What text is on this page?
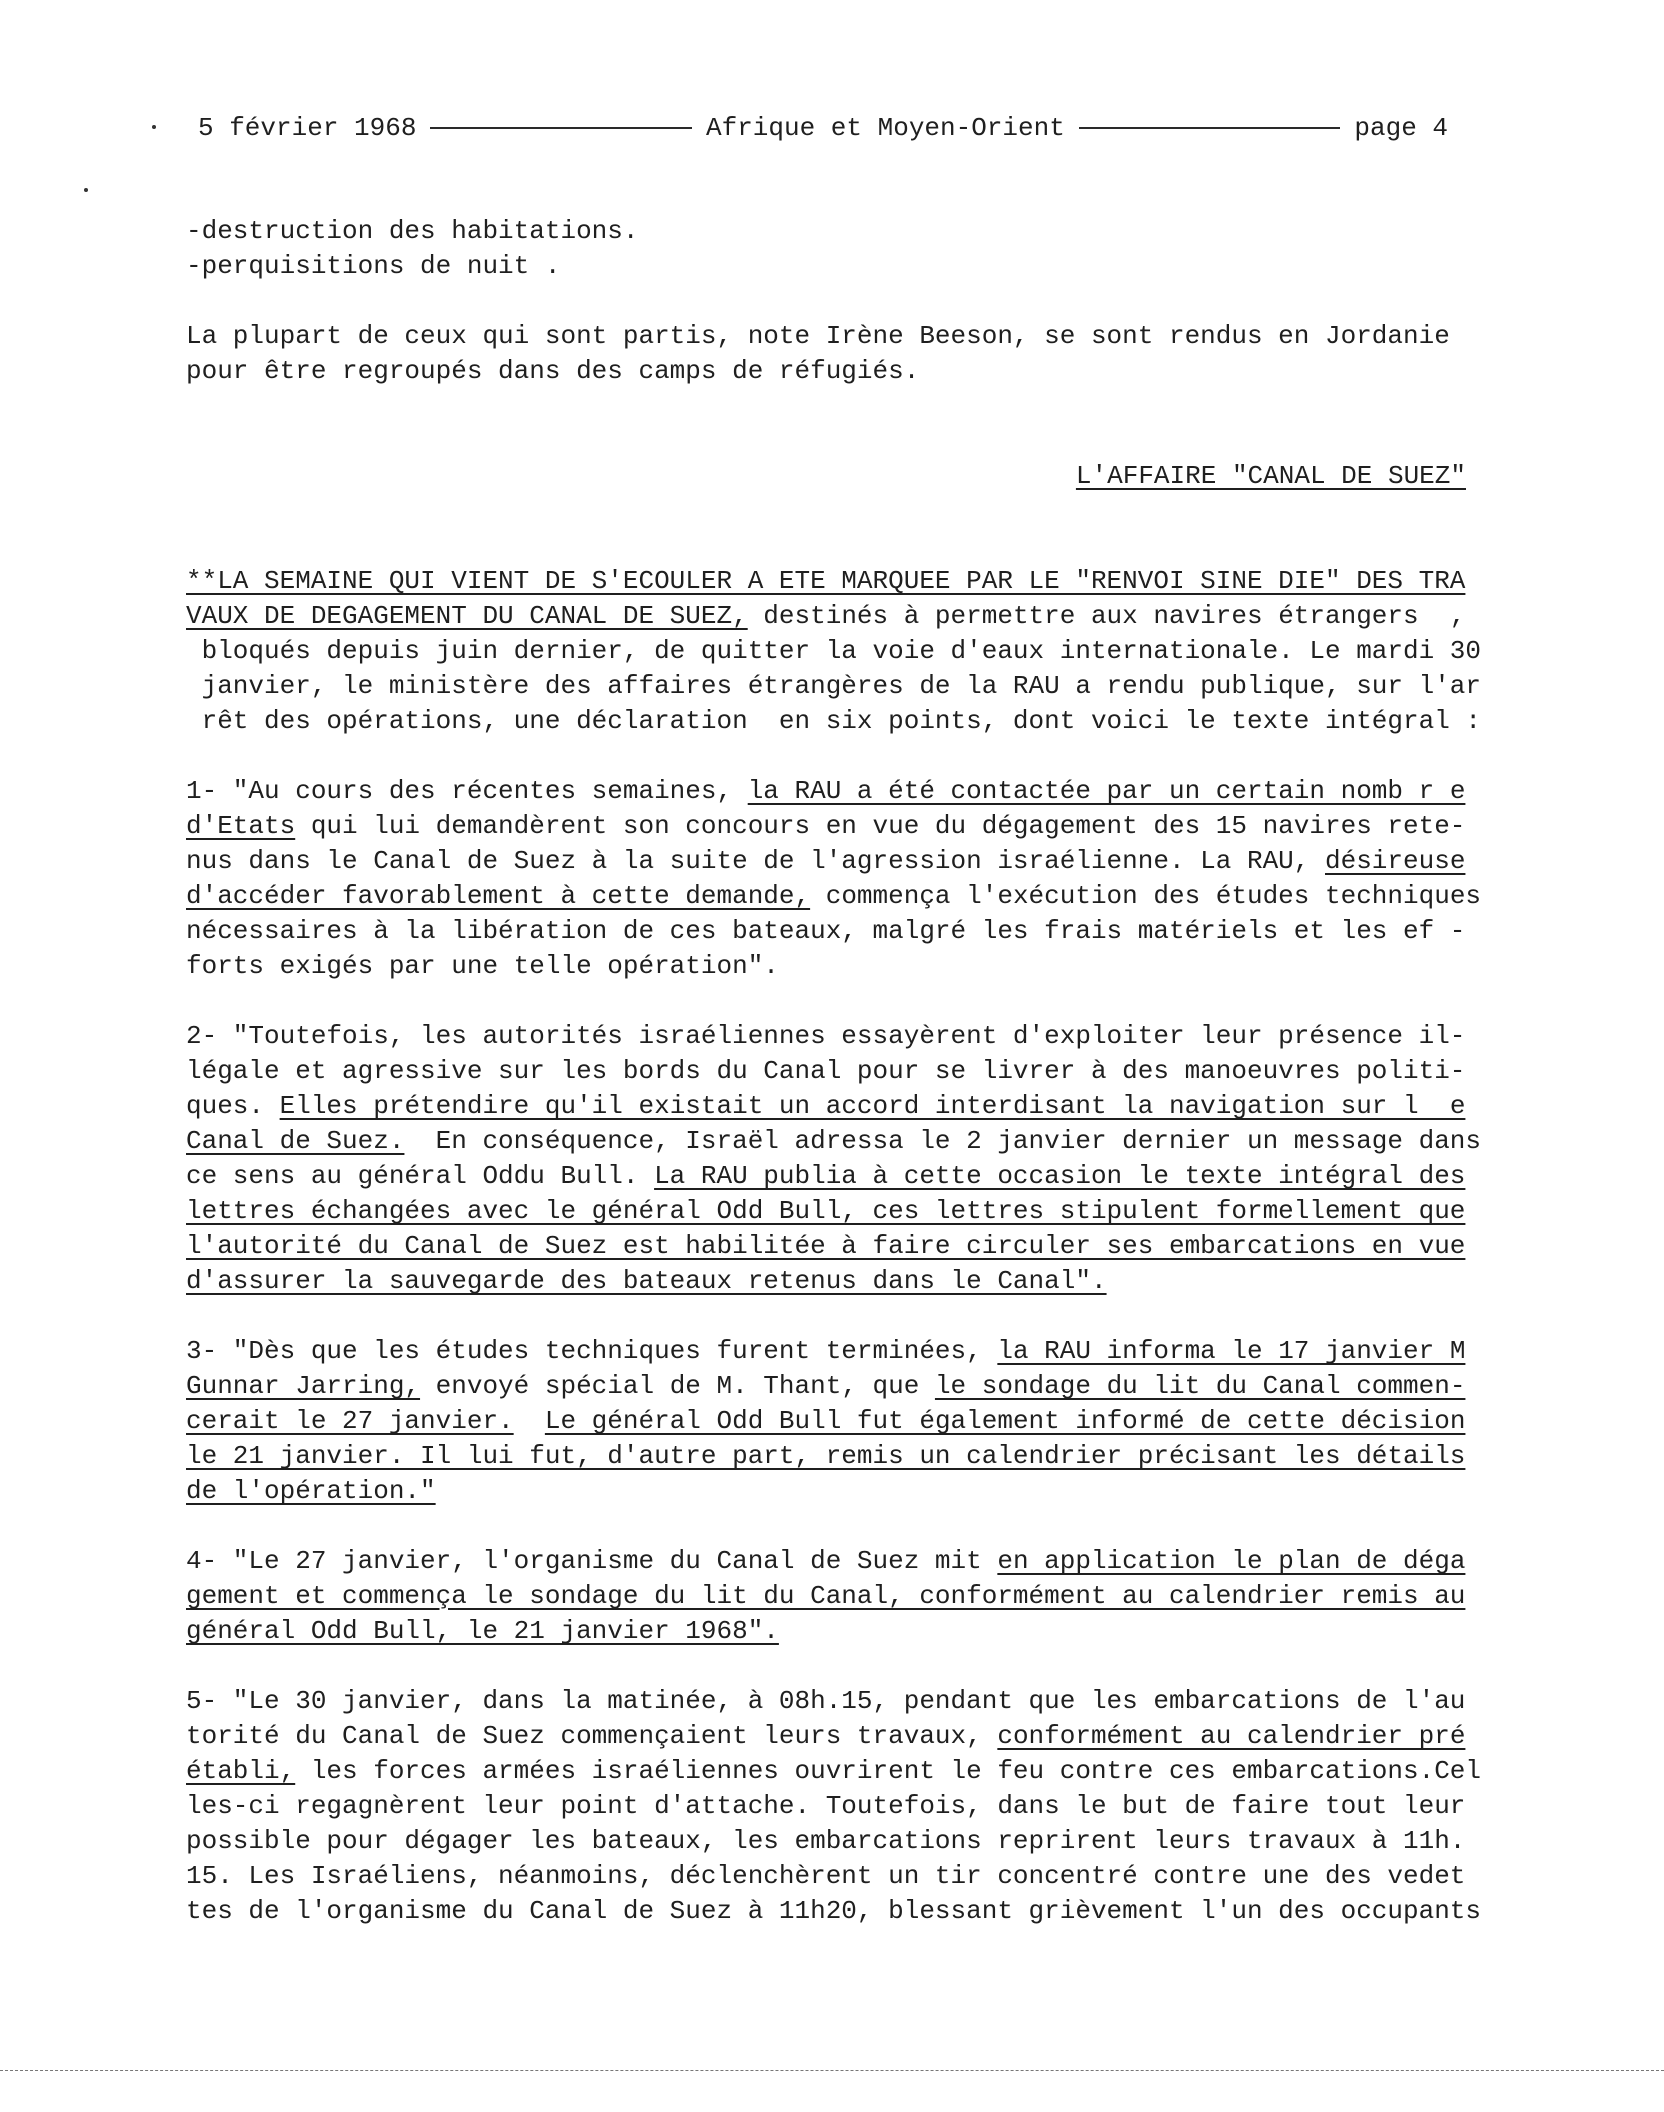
5 février 1968	Afrique et Moyen-Orient	page 4
-destruction des habitations.
-perquisitions de nuit .
La plupart de ceux qui sont partis, note Irène Beeson, se sont rendus en Jordanie
pour être regroupés dans des camps de réfugiés.
L'AFFAIRE "CANAL DE SUEZ"
**LA SEMAINE QUI VIENT DE S'ECOULER A ETE MARQUEE PAR LE "RENVOI SINE DIE" DES TRA
VAUX DE DEGAGEMENT DU CANAL DE SUEZ, destinés à permettre aux navires étrangers  ,
bloqués depuis juin dernier, de quitter la voie d'eaux internationale. Le mardi 30
janvier, le ministère des affaires étrangères de la RAU a rendu publique, sur l'ar
rêt des opérations, une déclaration  en six points, dont voici le texte intégral :
1- "Au cours des récentes semaines, la RAU a été contactée par un certain nomb r e
d'Etats qui lui demandèrent son concours en vue du dégagement des 15 navires rete-
nus dans le Canal de Suez à la suite de l'agression israélienne. La RAU, désireuse
d'accéder favorablement à cette demande, commença l'exécution des études techniques
nécessaires à la libération de ces bateaux, malgré les frais matériels et les ef -
forts exigés par une telle opération".
2- "Toutefois, les autorités israéliennes essayèrent d'exploiter leur présence il-
légale et agressive sur les bords du Canal pour se livrer à des manoeuvres politi-
ques. Elles prétendire qu'il existait un accord interdisant la navigation sur l  e
Canal de Suez.  En conséquence, Israël adressa le 2 janvier dernier un message dans
ce sens au général Oddu Bull. La RAU publia à cette occasion le texte intégral des
lettres échangées avec le général Odd Bull, ces lettres stipulent formellement que
l'autorité du Canal de Suez est habilitée à faire circuler ses embarcations en vue
d'assurer la sauvegarde des bateaux retenus dans le Canal".
3- "Dès que les études techniques furent terminées, la RAU informa le 17 janvier M
Gunnar Jarring, envoyé spécial de M. Thant, que le sondage du lit du Canal commen-
cerait le 27 janvier. Le général Odd Bull fut également informé de cette décision
le 21 janvier. Il lui fut, d'autre part, remis un calendrier précisant les détails
de l'opération."
4- "Le 27 janvier, l'organisme du Canal de Suez mit en application le plan de déga
gement et commença le sondage du lit du Canal, conformément au calendrier remis au
général Odd Bull, le 21 janvier 1968".
5- "Le 30 janvier, dans la matinée, à 08h.15, pendant que les embarcations de l'au
torité du Canal de Suez commençaient leurs travaux, conformément au calendrier pré
établi, les forces armées israéliennes ouvrirent le feu contre ces embarcations.Cel
les-ci regagnèrent leur point d'attache. Toutefois, dans le but de faire tout leur
possible pour dégager les bateaux, les embarcations reprirent leurs travaux à 11h.
15. Les Israéliens, néanmoins, déclenchèrent un tir concentré contre une des vedet
tes de l'organisme du Canal de Suez à 11h20, blessant grièvement l'un des occupants
